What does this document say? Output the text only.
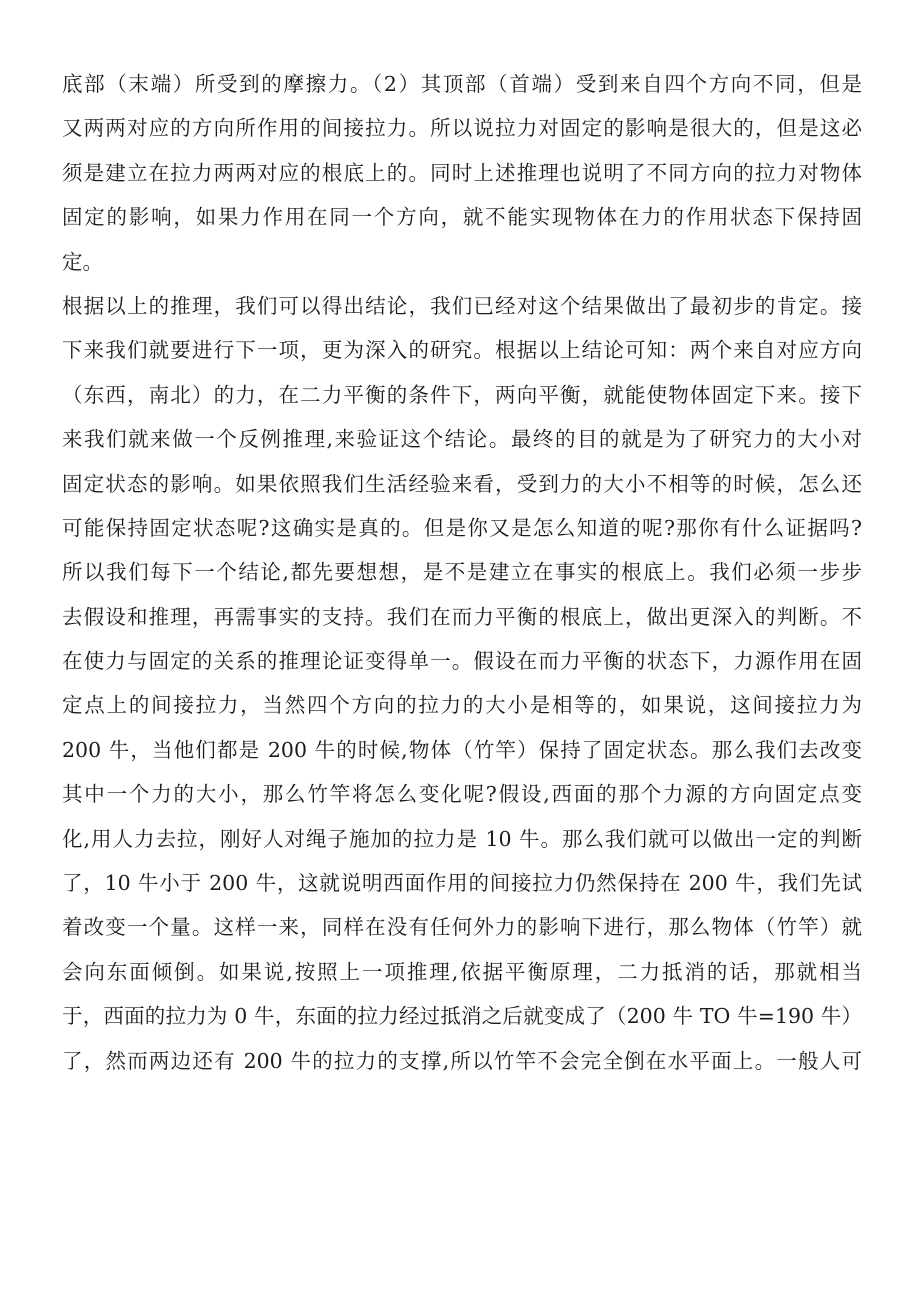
底部（末端）所受到的摩擦力。（2）其顶部（首端）受到来自四个方向不同，但是
又两两对应的方向所作用的间接拉力。所以说拉力对固定的影响是很大的，但是这必
须是建立在拉力两两对应的根底上的。同时上述推理也说明了不同方向的拉力对物体
固定的影响，如果力作用在同一个方向，就不能实现物体在力的作用状态下保持固
定。
根据以上的推理，我们可以得出结论，我们已经对这个结果做出了最初步的肯定。接
下来我们就要进行下一项，更为深入的研究。根据以上结论可知：两个来自对应方向
（东西，南北）的力，在二力平衡的条件下，两向平衡，就能使物体固定下来。接下
来我们就来做一个反例推理,来验证这个结论。最终的目的就是为了研究力的大小对
固定状态的影响。如果依照我们生活经验来看，受到力的大小不相等的时候，怎么还
可能保持固定状态呢?这确实是真的。但是你又是怎么知道的呢?那你有什么证据吗?
所以我们每下一个结论,都先要想想，是不是建立在事实的根底上。我们必须一步步
去假设和推理，再需事实的支持。我们在而力平衡的根底上，做出更深入的判断。不
在使力与固定的关系的推理论证变得单一。假设在而力平衡的状态下，力源作用在固
定点上的间接拉力，当然四个方向的拉力的大小是相等的，如果说，这间接拉力为
200 牛，当他们都是 200 牛的时候,物体（竹竿）保持了固定状态。那么我们去改变
其中一个力的大小，那么竹竿将怎么变化呢?假设,西面的那个力源的方向固定点变
化,用人力去拉，刚好人对绳子施加的拉力是 10 牛。那么我们就可以做出一定的判断
了，10 牛小于 200 牛，这就说明西面作用的间接拉力仍然保持在 200 牛，我们先试
着改变一个量。这样一来，同样在没有任何外力的影响下进行，那么物体（竹竿）就
会向东面倾倒。如果说,按照上一项推理,依据平衡原理，二力抵消的话，那就相当
于，西面的拉力为 0 牛，东面的拉力经过抵消之后就变成了（200 牛 TO 牛=190 牛）
了，然而两边还有 200 牛的拉力的支撑,所以竹竿不会完全倒在水平面上。一般人可
